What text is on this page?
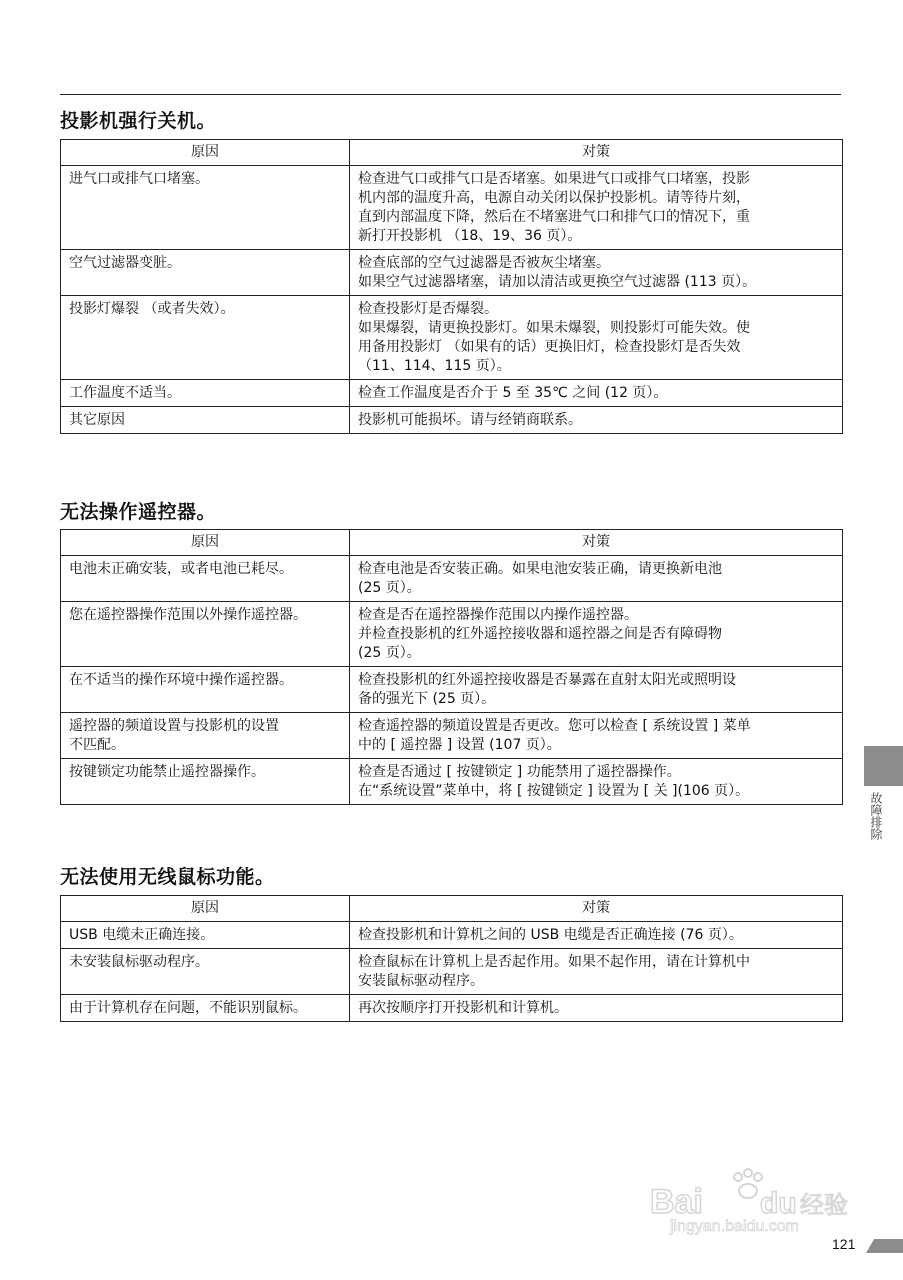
投影机强行关机。
原因	对策

进气口或排气口堵塞。	检查进气口或排气口是否堵塞。如果进气口或排气口堵塞，投影
机内部的温度升高，电源自动关闭以保护投影机。请等待片刻，
直到内部温度下降，然后在不堵塞进气口和排气口的情况下，重
新打开投影机 （18、19、36 页）。

空气过滤器变脏。	检查底部的空气过滤器是否被灰尘堵塞。
如果空气过滤器堵塞，请加以清洁或更换空气过滤器 (113 页）。

投影灯爆裂 （或者失效）。	检查投影灯是否爆裂。
如果爆裂，请更换投影灯。如果未爆裂，则投影灯可能失效。使
用备用投影灯 （如果有的话）更换旧灯，检查投影灯是否失效
（11、114、115 页）。

工作温度不适当。	检查工作温度是否介于 5 至 35℃ 之间 (12 页）。

其它原因	投影机可能损坏。请与经销商联系。
无法操作遥控器。
原因	对策

电池未正确安装，或者电池已耗尽。	检查电池是否安装正确。如果电池安装正确，请更换新电池
(25 页）。

您在遥控器操作范围以外操作遥控器。	检查是否在遥控器操作范围以内操作遥控器。
并检查投影机的红外遥控接收器和遥控器之间是否有障碍物
(25 页）。

在不适当的操作环境中操作遥控器。	检查投影机的红外遥控接收器是否暴露在直射太阳光或照明设
备的强光下 (25 页）。

遥控器的频道设置与投影机的设置
不匹配。	检查遥控器的频道设置是否更改。您可以检查 [ 系统设置 ] 菜单
中的 [ 遥控器 ] 设置 (107 页）。

按键锁定功能禁止遥控器操作。	检查是否通过 [ 按键锁定 ] 功能禁用了遥控器操作。
在“系统设置”菜单中，将 [ 按键锁定 ] 设置为 [ 关 ](106 页）。
无法使用无线鼠标功能。
原因	对策

USB 电缆未正确连接。	检查投影机和计算机之间的 USB 电缆是否正确连接 (76 页）。

未安装鼠标驱动程序。	检查鼠标在计算机上是否起作用。如果不起作用，请在计算机中
安装鼠标驱动程序。

由于计算机存在问题，不能识别鼠标。	再次按顺序打开投影机和计算机。
故障排除
Bai du 经验
jingyan.baidu.com
121
